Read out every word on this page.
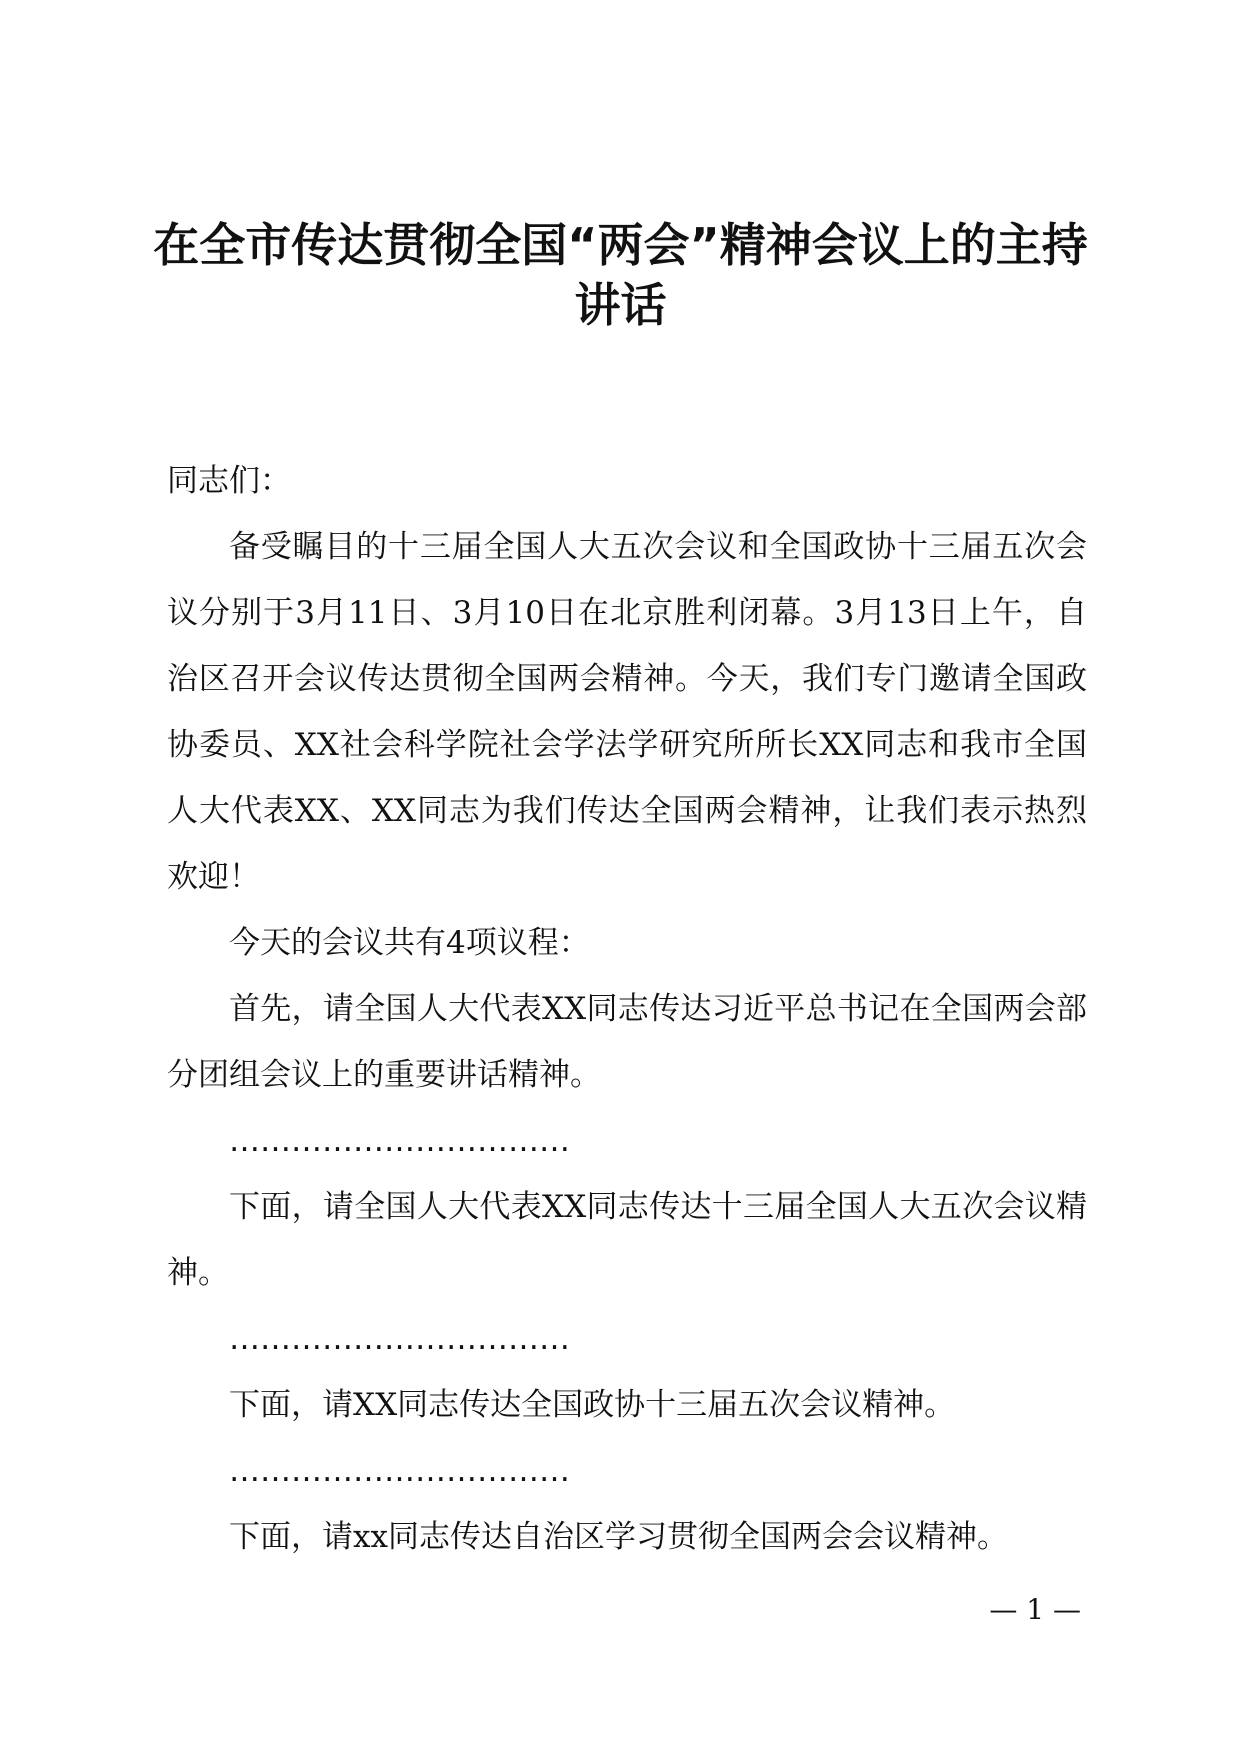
在全市传达贯彻全国“两会”精神会议上的主持
讲话

同志们：

备受瞩目的十三届全国人大五次会议和全国政协十三届五次会议分别于3月11日、3月10日在北京胜利闭幕。3月13日上午，自治区召开会议传达贯彻全国两会精神。今天，我们专门邀请全国政协委员、XX社会科学院社会学法学研究所所长XX同志和我市全国人大代表XX、XX同志为我们传达全国两会精神，让我们表示热烈欢迎！

今天的会议共有4项议程：

首先，请全国人大代表XX同志传达习近平总书记在全国两会部分团组会议上的重要讲话精神。

……………………………

下面，请全国人大代表XX同志传达十三届全国人大五次会议精神。

……………………………

下面，请XX同志传达全国政协十三届五次会议精神。

……………………………

下面，请xx同志传达自治区学习贯彻全国两会会议精神。

— 1 —
